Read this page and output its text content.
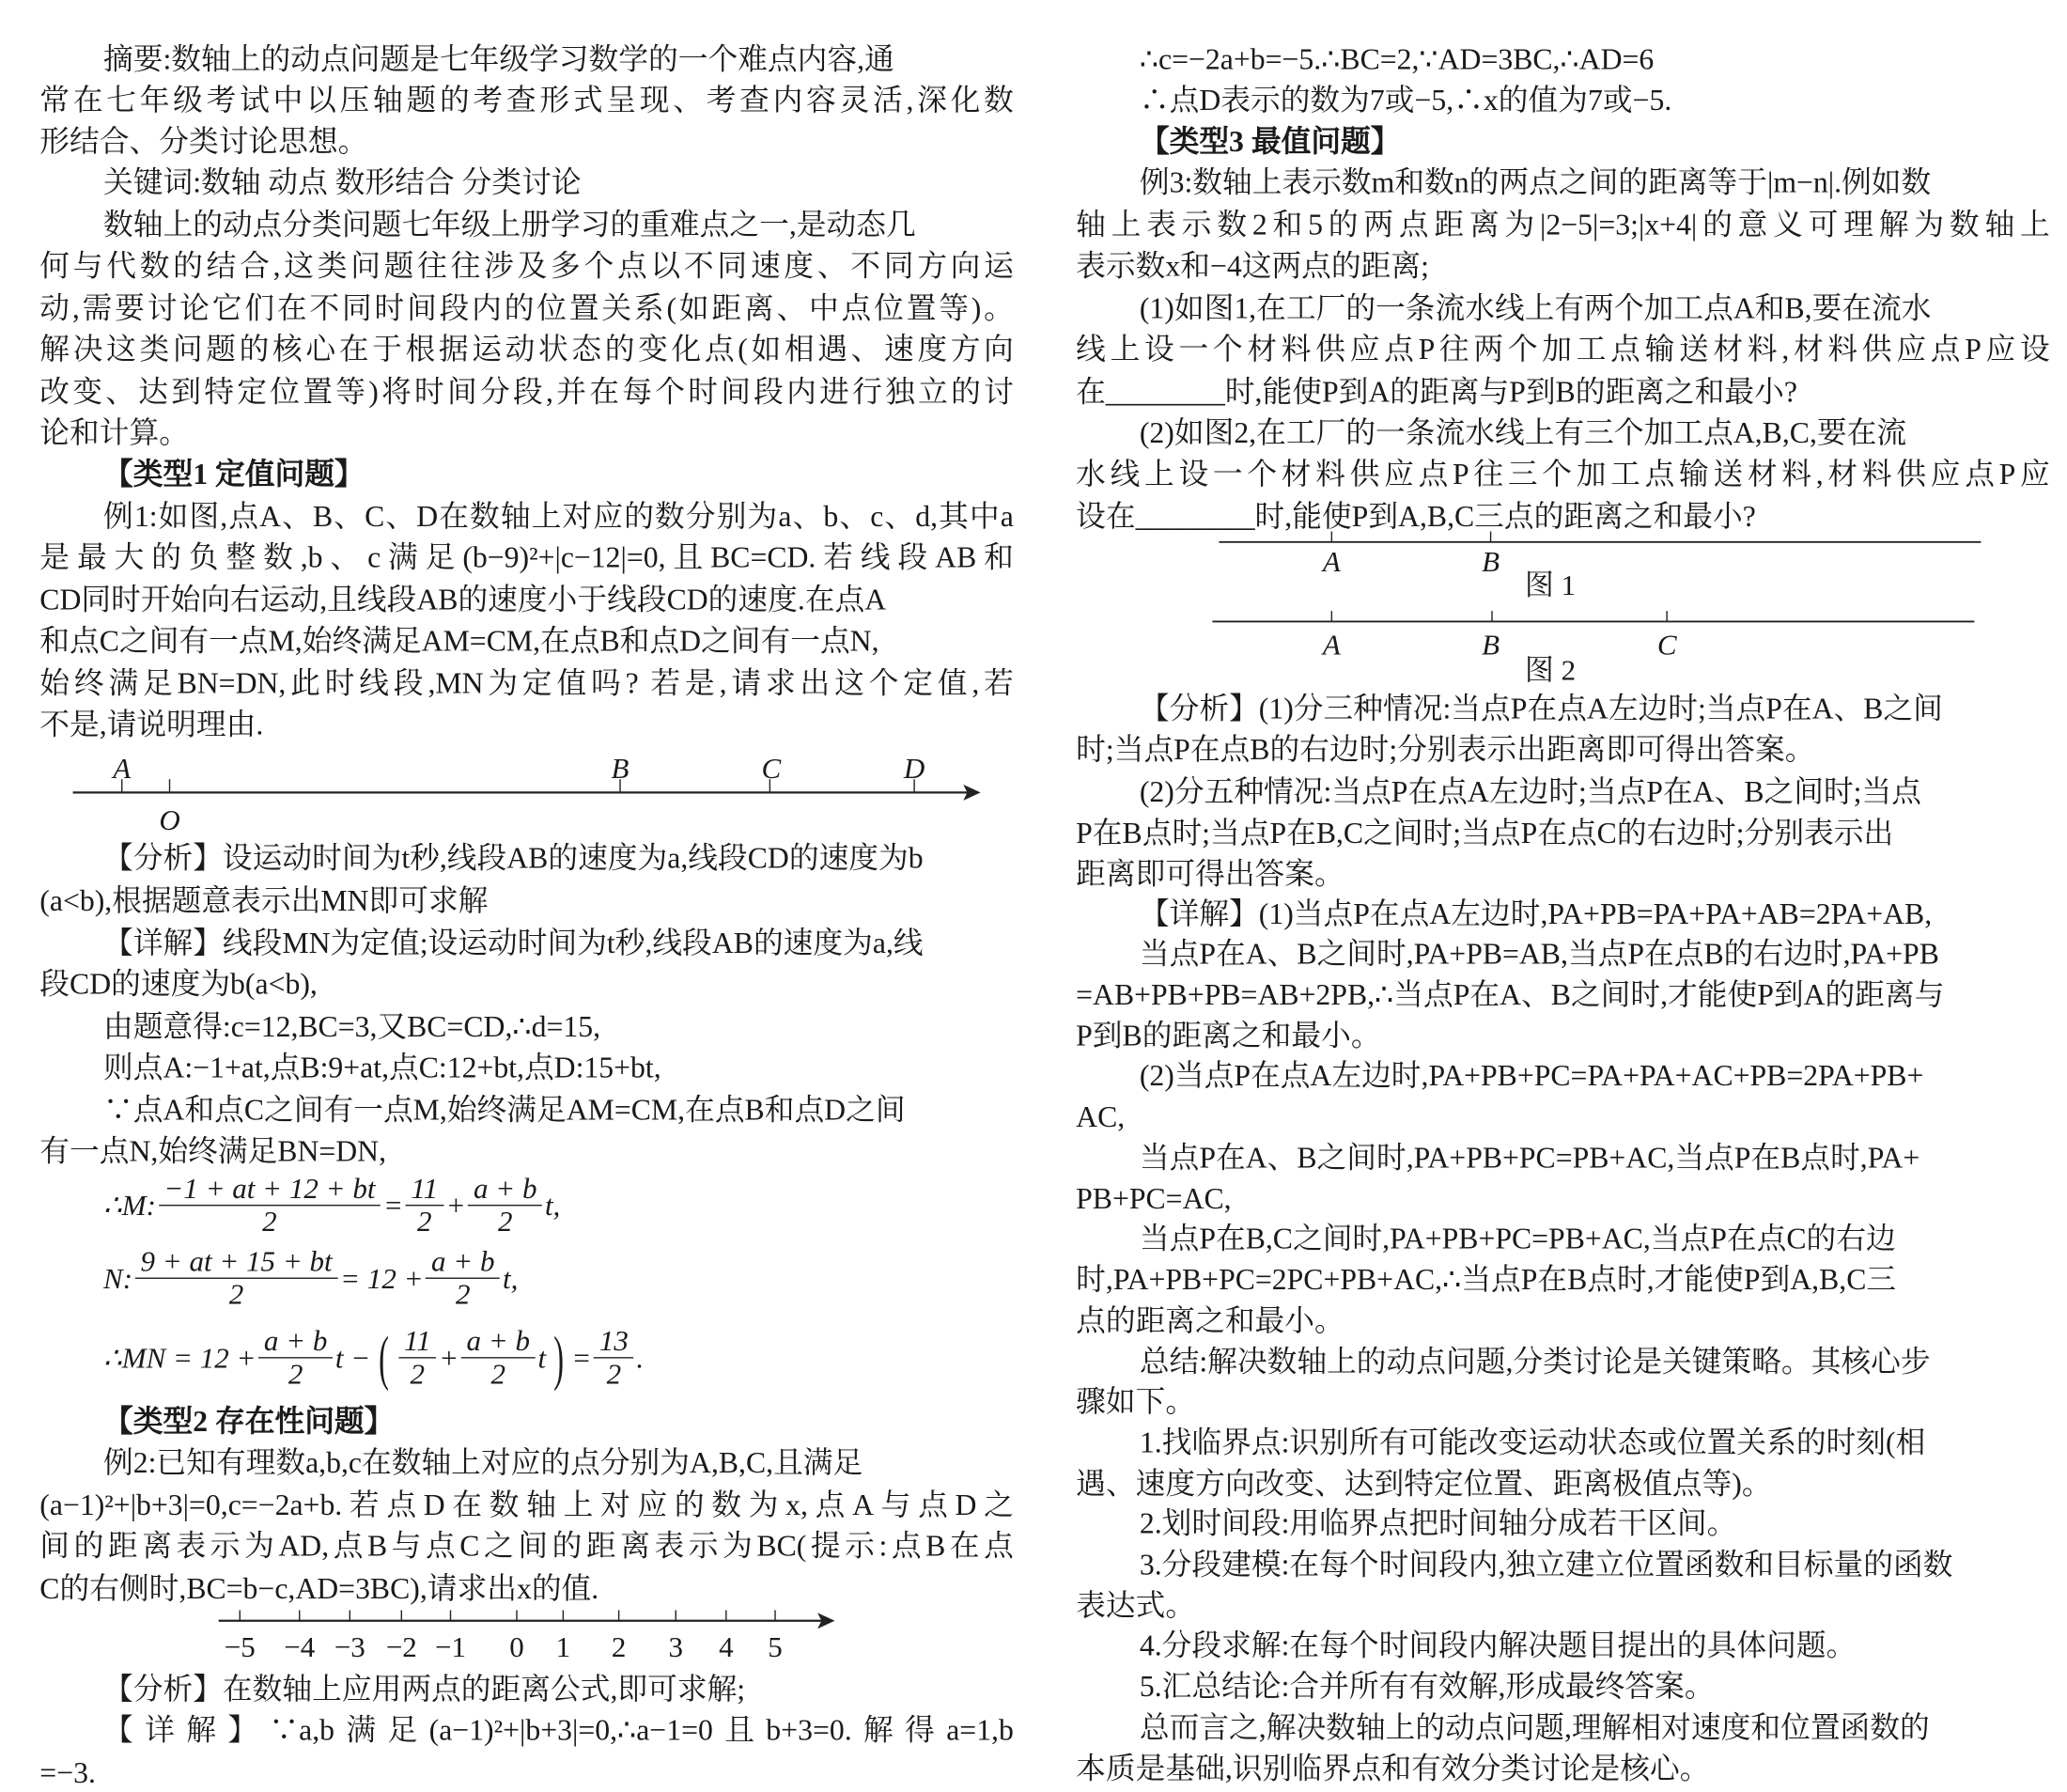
摘要:数轴上的动点问题是七年级学习数学的一个难点内容,通
常在七年级考试中以压轴题的考查形式呈现、考查内容灵活,深化数
形结合、分类讨论思想。
关键词:数轴 动点 数形结合 分类讨论
数轴上的动点分类问题七年级上册学习的重难点之一,是动态几
何与代数的结合,这类问题往往涉及多个点以不同速度、不同方向运
动,需要讨论它们在不同时间段内的位置关系(如距离、中点位置等)。
解决这类问题的核心在于根据运动状态的变化点(如相遇、速度方向
改变、达到特定位置等)将时间分段,并在每个时间段内进行独立的讨
论和计算。
【类型1 定值问题】
例1:如图,点A、B、C、D在数轴上对应的数分别为a、b、c、d,其中a
是最大的负整数,b、c满足(b−9)²+|c−12|=0,且BC=CD.若线段AB和
CD同时开始向右运动,且线段AB的速度小于线段CD的速度.在点A
和点C之间有一点M,始终满足AM=CM,在点B和点D之间有一点N,
始终满足BN=DN,此时线段,MN为定值吗? 若是,请求出这个定值,若
不是,请说明理由.
【分析】设运动时间为t秒,线段AB的速度为a,线段CD的速度为b
(a<b),根据题意表示出MN即可求解
【详解】线段MN为定值;设运动时间为t秒,线段AB的速度为a,线
段CD的速度为b(a<b),
由题意得:c=12,BC=3,又BC=CD,∴d=15,
则点A:−1+at,点B:9+at,点C:12+bt,点D:15+bt,
∵点A和点C之间有一点M,始终满足AM=CM,在点B和点D之间
有一点N,始终满足BN=DN,
【类型2 存在性问题】
例2:已知有理数a,b,c在数轴上对应的点分别为A,B,C,且满足
(a−1)²+|b+3|=0,c=−2a+b.若点D在数轴上对应的数为x,点A与点D之
间的距离表示为AD,点B与点C之间的距离表示为BC(提示:点B在点
C的右侧时,BC=b−c,AD=3BC),请求出x的值.
【分析】在数轴上应用两点的距离公式,即可求解;
【详解】∵a,b满足(a−1)²+|b+3|=0,∴a−1=0且b+3=0.解得a=1,b
=−3.
∴c=−2a+b=−5.∴BC=2,∵AD=3BC,∴AD=6
∴点D表示的数为7或−5,∴x的值为7或−5.
【类型3 最值问题】
例3:数轴上表示数m和数n的两点之间的距离等于|m−n|.例如数
轴上表示数2和5的两点距离为|2−5|=3;|x+4|的意义可理解为数轴上
表示数x和−4这两点的距离;
(1)如图1,在工厂的一条流水线上有两个加工点A和B,要在流水
线上设一个材料供应点P往两个加工点输送材料,材料供应点P应设
在________时,能使P到A的距离与P到B的距离之和最小?
(2)如图2,在工厂的一条流水线上有三个加工点A,B,C,要在流
水线上设一个材料供应点P往三个加工点输送材料,材料供应点P应
设在________时,能使P到A,B,C三点的距离之和最小?
【分析】(1)分三种情况:当点P在点A左边时;当点P在A、B之间
时;当点P在点B的右边时;分别表示出距离即可得出答案。
(2)分五种情况:当点P在点A左边时;当点P在A、B之间时;当点
P在B点时;当点P在B,C之间时;当点P在点C的右边时;分别表示出
距离即可得出答案。
【详解】(1)当点P在点A左边时,PA+PB=PA+PA+AB=2PA+AB,
当点P在A、B之间时,PA+PB=AB,当点P在点B的右边时,PA+PB
=AB+PB+PB=AB+2PB,∴当点P在A、B之间时,才能使P到A的距离与
P到B的距离之和最小。
(2)当点P在点A左边时,PA+PB+PC=PA+PA+AC+PB=2PA+PB+
AC,
当点P在A、B之间时,PA+PB+PC=PB+AC,当点P在B点时,PA+
PB+PC=AC,
当点P在B,C之间时,PA+PB+PC=PB+AC,当点P在点C的右边
时,PA+PB+PC=2PC+PB+AC,∴当点P在B点时,才能使P到A,B,C三
点的距离之和最小。
总结:解决数轴上的动点问题,分类讨论是关键策略。其核心步
骤如下。
1.找临界点:识别所有可能改变运动状态或位置关系的时刻(相
遇、速度方向改变、达到特定位置、距离极值点等)。
2.划时间段:用临界点把时间轴分成若干区间。
3.分段建模:在每个时间段内,独立建立位置函数和目标量的函数
表达式。
4.分段求解:在每个时间段内解决题目提出的具体问题。
5.汇总结论:合并所有有效解,形成最终答案。
总而言之,解决数轴上的动点问题,理解相对速度和位置函数的
本质是基础,识别临界点和有效分类讨论是核心。
A	B	C	D
O
−5 −4 −3 −2 −1 0 1 2 3 4 5
A	B
图 1
A	B	C
图 2
∴M: $\frac{-1 + at + 12 + bt}{2} = \frac{11}{2} + \frac{a + b}{2} t$,
N: $\frac{9 + at + 15 + bt}{2} = 12 + \frac{a + b}{2} t$,
∴MN = $12 + \frac{a + b}{2}$ t − ( $\frac{11}{2} + \frac{a + b}{2}$ t ) = $\frac{13}{2}$ .
